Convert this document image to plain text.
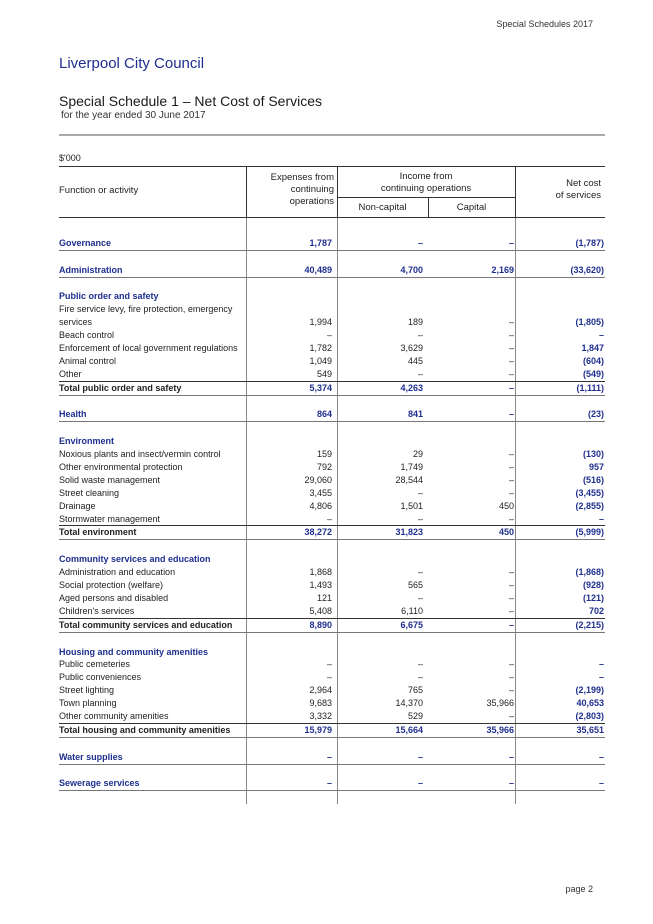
Special Schedules 2017
Liverpool City Council
Special Schedule 1 – Net Cost of Services
for the year ended 30 June 2017
$'000
Function or activity
Expenses from
continuing
operations
Income from
continuing operations
Non-capital	Capital
Net cost
of services
Governance	1,787	–	–	(1,787)
Administration	40,489	4,700	2,169	(33,620)
Public order and safety
Fire service levy, fire protection, emergency
services	1,994	189	–	(1,805)
Beach control	–	–	–	–
Enforcement of local government regulations	1,782	3,629	–	1,847
Animal control	1,049	445	–	(604)
Other	549	–	–	(549)
Total public order and safety	5,374	4,263	–	(1,111)
Health	864	841	–	(23)
Environment
Noxious plants and insect/vermin control	159	29	–	(130)
Other environmental protection	792	1,749	–	957
Solid waste management	29,060	28,544	–	(516)
Street cleaning	3,455	–	–	(3,455)
Drainage	4,806	1,501	450	(2,855)
Stormwater management	–	–	–	–
Total environment	38,272	31,823	450	(5,999)
Community services and education
Administration and education	1,868	–	–	(1,868)
Social protection (welfare)	1,493	565	–	(928)
Aged persons and disabled	121	–	–	(121)
Children's services	5,408	6,110	–	702
Total community services and education	8,890	6,675	–	(2,215)
Housing and community amenities
Public cemeteries	–	–	–	–
Public conveniences	–	–	–	–
Street lighting	2,964	765	–	(2,199)
Town planning	9,683	14,370	35,966	40,653
Other community amenities	3,332	529	–	(2,803)
Total housing and community amenities	15,979	15,664	35,966	35,651
Water supplies	–	–	–	–
Sewerage services	–	–	–	–
page 2
